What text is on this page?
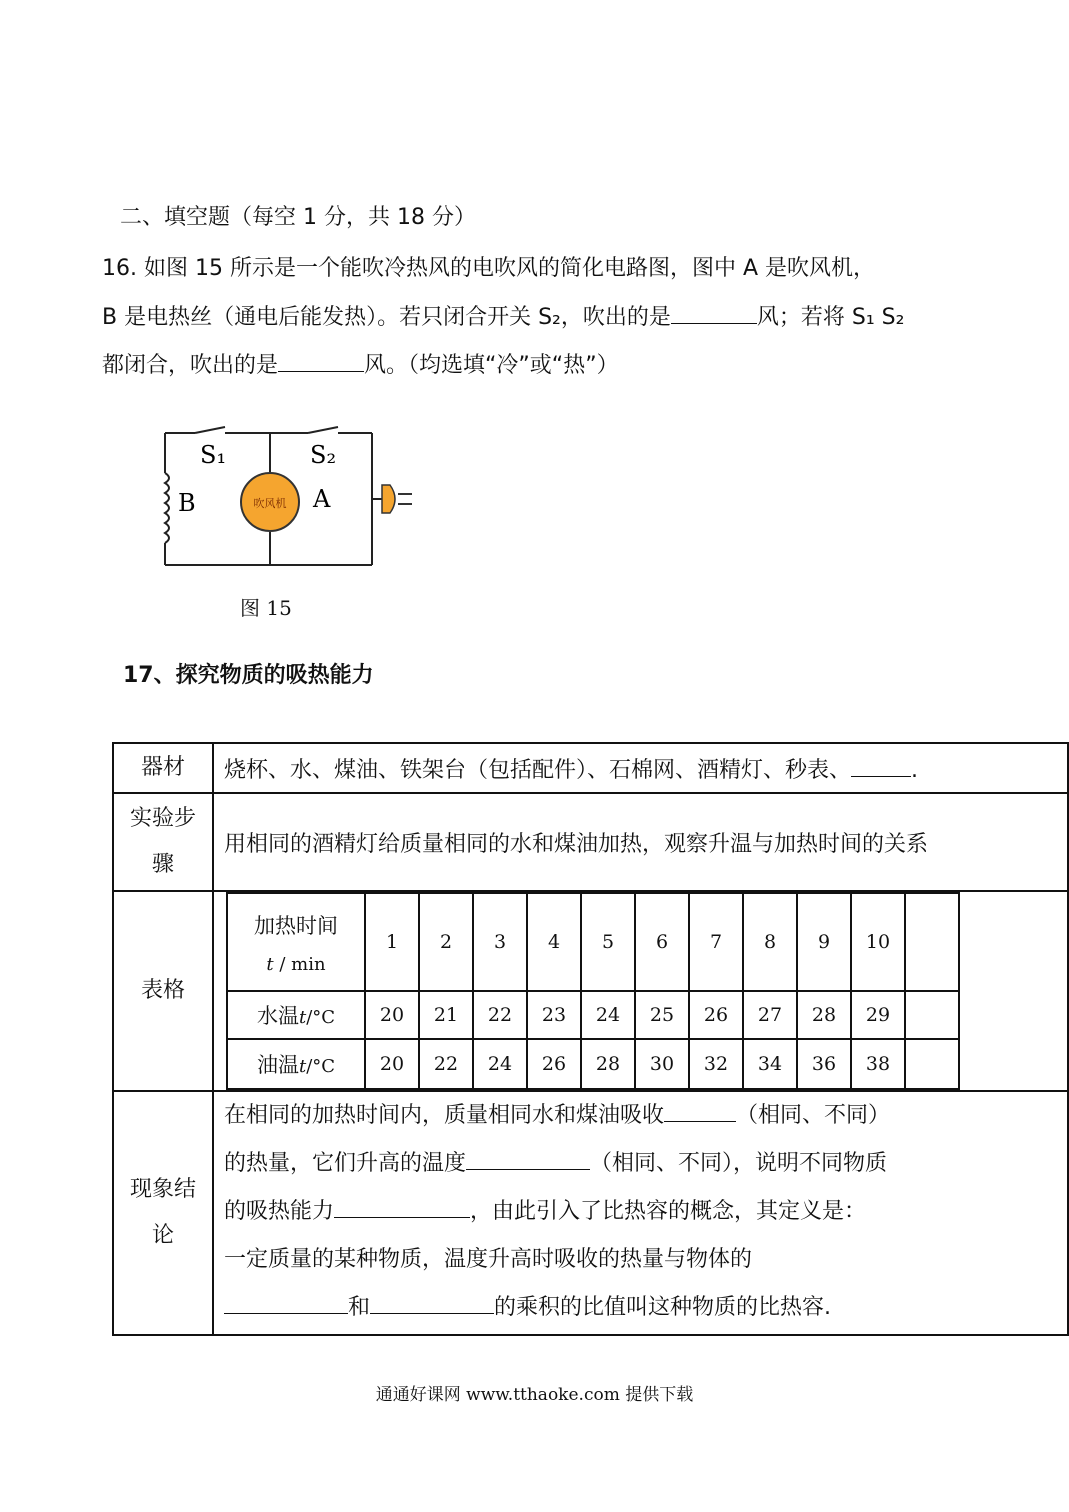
二、填空题（每空 1 分，共 18 分）
16. 如图 15 所示是一个能吹冷热风的电吹风的简化电路图，图中 A 是吹风机，
B 是电热丝（通电后能发热）。若只闭合开关 S₂，吹出的是	风；若将 S₁ S₂
都闭合，吹出的是	风。（均选填“冷”或“热”）
吹风机
S₁	S₂
B	A
图 15
17、探究物质的吸热能力
器材	烧杯、水、煤油、铁架台（包括配件）、石棉网、酒精灯、秒表、	.

实验步
骤
	用相同的酒精灯给质量相同的水和煤油加热，观察升温与加热时间的关系
表格	
加热时间
t / min
	1	2	3	4	5	6	7	8	9	10	
水温t/°C	20	21	22	23	24	25	26	27	28	29	
油温t/°C	20	22	24	26	28	30	32	34	36	38	

现象结
论

在相同的加热时间内，质量相同水和煤油吸收	（相同、不同）

的热量，它们升高的温度	（相同、不同），说明不同物质

的吸热能力	，由此引入了比热容的概念，其定义是：

一定质量的某种物质，温度升高时吸收的热量与物体的

和	的乘积的比值叫这种物质的比热容.

通通好课网 www.tthaoke.com 提供下载
